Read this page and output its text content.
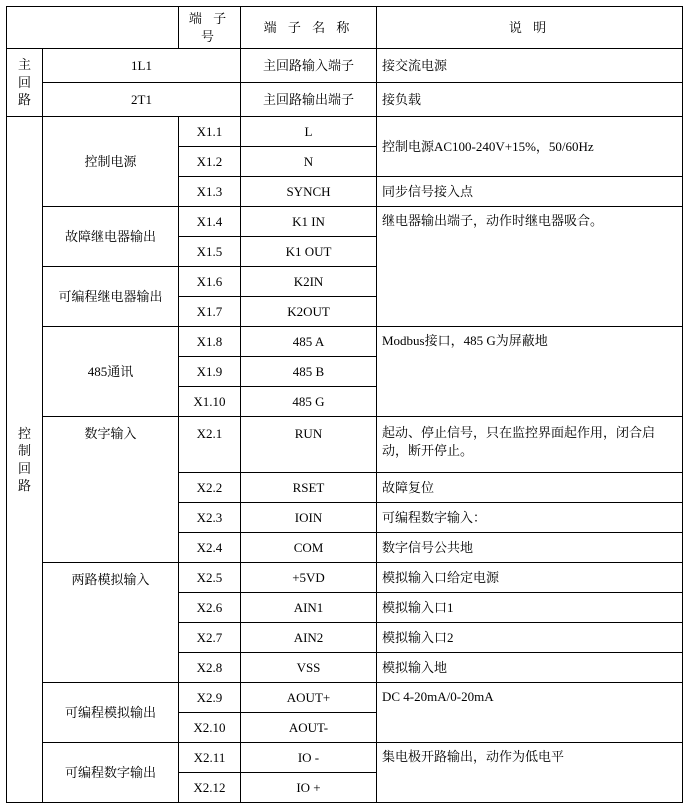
		端 子 号	端 子 名 称	说 明

主
回
路	1L1		主回路输入端子	接交流电源
	2T1		主回路输出端子	接负载

控
制
回
路	控制电源	X1.1	L	控制电源AC100-240V+15%，50/60Hz
		X1.2	N	
		X1.3	SYNCH	同步信号接入点
	故障继电器输出	X1.4	K1 IN	继电器输出端子，动作时继电器吸合。
		X1.5	K1 OUT	
	可编程继电器输出	X1.6	K2IN	
		X1.7	K2OUT	
	485通讯	X1.8	485 A	Modbus接口，485 G为屏蔽地
		X1.9	485 B	
		X1.10	485 G	
	数字输入	X2.1	RUN	起动、停止信号，只在监控界面起作用，闭合启动，断开停止。
		X2.2	RSET	故障复位
		X2.3	IOIN	可编程数字输入：
		X2.4	COM	数字信号公共地
	两路模拟输入	X2.5	+5VD	模拟输入口给定电源
		X2.6	AIN1	模拟输入口1
		X2.7	AIN2	模拟输入口2
		X2.8	VSS	模拟输入地
	可编程模拟输出	X2.9	AOUT+	DC 4-20mA/0-20mA
		X2.10	AOUT-	
	可编程数字输出	X2.11	IO -	集电极开路输出，动作为低电平
		X2.12	IO +	
